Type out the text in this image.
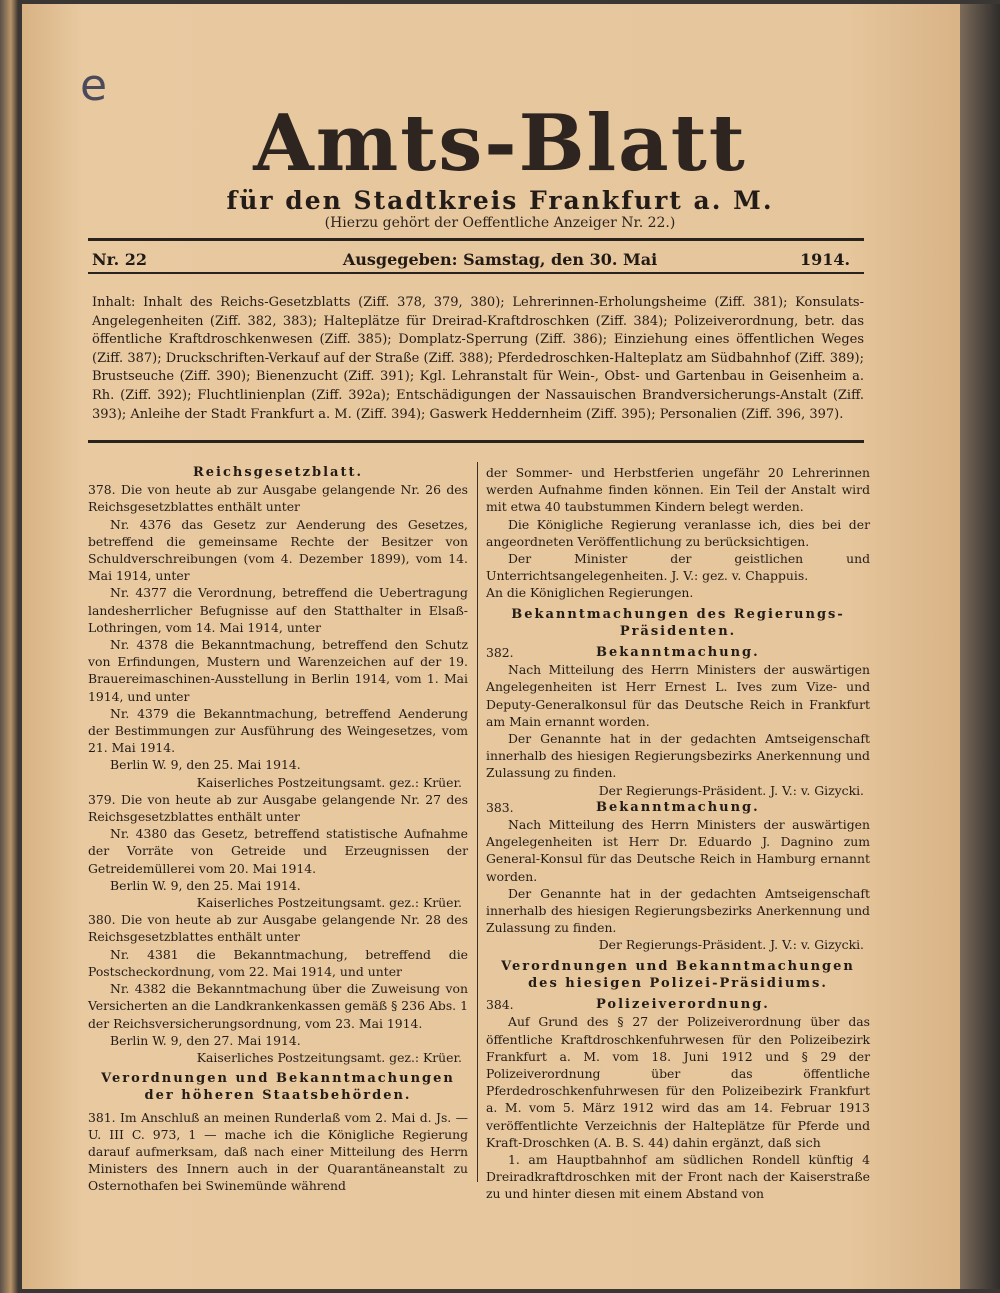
e
Amts-Blatt
für den Stadtkreis Frankfurt a. M.
(Hierzu gehört der Oeffentliche Anzeiger Nr. 22.)
Nr. 22	Ausgegeben: Samstag, den 30. Mai	1914.
Inhalt: Inhalt des Reichs-Gesetzblatts (Ziff. 378, 379, 380); Lehrerinnen-Erholungsheime (Ziff. 381); Konsulats-Angelegenheiten (Ziff. 382, 383); Halteplätze für Dreirad-Kraftdroschken (Ziff. 384); Polizeiverordnung, betr. das öffentliche Kraftdroschkenwesen (Ziff. 385); Domplatz-Sperrung (Ziff. 386); Einziehung eines öffentlichen Weges (Ziff. 387); Druckschriften-Verkauf auf der Straße (Ziff. 388); Pferdedroschken-Halteplatz am Südbahnhof (Ziff. 389); Brustseuche (Ziff. 390); Bienenzucht (Ziff. 391); Kgl. Lehranstalt für Wein-, Obst- und Gartenbau in Geisenheim a. Rh. (Ziff. 392); Fluchtlinienplan (Ziff. 392a); Entschädigungen der Nassauischen Brandversicherungs-Anstalt (Ziff. 393); Anleihe der Stadt Frankfurt a. M. (Ziff. 394); Gaswerk Heddernheim (Ziff. 395); Personalien (Ziff. 396, 397).

Reichsgesetzblatt.

378. Die von heute ab zur Ausgabe gelangende Nr. 26 des Reichsgesetzblattes enthält unter

Nr. 4376 das Gesetz zur Aenderung des Gesetzes, betreffend die gemeinsame Rechte der Besitzer von Schuldverschreibungen (vom 4. Dezember 1899), vom 14. Mai 1914, unter

Nr. 4377 die Verordnung, betreffend die Uebertragung landesherrlicher Befugnisse auf den Statthalter in Elsaß-Lothringen, vom 14. Mai 1914, unter

Nr. 4378 die Bekanntmachung, betreffend den Schutz von Erfindungen, Mustern und Warenzeichen auf der 19. Brauereimaschinen-Ausstellung in Berlin 1914, vom 1. Mai 1914, und unter

Nr. 4379 die Bekanntmachung, betreffend Aenderung der Bestimmungen zur Ausführung des Weingesetzes, vom 21. Mai 1914.

Berlin W. 9, den 25. Mai 1914.

Kaiserliches Postzeitungsamt. gez.: Krüer.

379. Die von heute ab zur Ausgabe gelangende Nr. 27 des Reichsgesetzblattes enthält unter

Nr. 4380 das Gesetz, betreffend statistische Aufnahme der Vorräte von Getreide und Erzeugnissen der Getreidemüllerei vom 20. Mai 1914.

Berlin W. 9, den 25. Mai 1914.

Kaiserliches Postzeitungsamt. gez.: Krüer.

380. Die von heute ab zur Ausgabe gelangende Nr. 28 des Reichsgesetzblattes enthält unter

Nr. 4381 die Bekanntmachung, betreffend die Postscheckordnung, vom 22. Mai 1914, und unter

Nr. 4382 die Bekanntmachung über die Zuweisung von Versicherten an die Landkrankenkassen gemäß § 236 Abs. 1 der Reichsversicherungsordnung, vom 23. Mai 1914.

Berlin W. 9, den 27. Mai 1914.

Kaiserliches Postzeitungsamt. gez.: Krüer.

Verordnungen und Bekanntmachungen der höheren Staatsbehörden.

381. Im Anschluß an meinen Runderlaß vom 2. Mai d. Js. — U. III C. 973, 1 — mache ich die Königliche Regierung darauf aufmerksam, daß nach einer Mitteilung des Herrn Ministers des Innern auch in der Quarantäneanstalt zu Osternothafen bei Swinemünde während

der Sommer- und Herbstferien ungefähr 20 Lehrerinnen werden Aufnahme finden können. Ein Teil der Anstalt wird mit etwa 40 taubstummen Kindern belegt werden.

Die Königliche Regierung veranlasse ich, dies bei der angeordneten Veröffentlichung zu berücksichtigen.

Der Minister der geistlichen und Unterrichtsangelegenheiten. J. V.: gez. v. Chappuis.

An die Königlichen Regierungen.

Bekanntmachungen des Regierungs-Präsidenten.

382.	Bekanntmachung.

Nach Mitteilung des Herrn Ministers der auswärtigen Angelegenheiten ist Herr Ernest L. Ives zum Vize- und Deputy-Generalkonsul für das Deutsche Reich in Frankfurt am Main ernannt worden.

Der Genannte hat in der gedachten Amtseigenschaft innerhalb des hiesigen Regierungsbezirks Anerkennung und Zulassung zu finden.

Der Regierungs-Präsident. J. V.: v. Gizycki.

383.	Bekanntmachung.

Nach Mitteilung des Herrn Ministers der auswärtigen Angelegenheiten ist Herr Dr. Eduardo J. Dagnino zum General-Konsul für das Deutsche Reich in Hamburg ernannt worden.

Der Genannte hat in der gedachten Amtseigenschaft innerhalb des hiesigen Regierungsbezirks Anerkennung und Zulassung zu finden.

Der Regierungs-Präsident. J. V.: v. Gizycki.

Verordnungen und Bekanntmachungen des hiesigen Polizei-Präsidiums.

384.	Polizeiverordnung.

Auf Grund des § 27 der Polizeiverordnung über das öffentliche Kraftdroschkenfuhrwesen für den Polizeibezirk Frankfurt a. M. vom 18. Juni 1912 und § 29 der Polizeiverordnung über das öffentliche Pferdedroschkenfuhrwesen für den Polizeibezirk Frankfurt a. M. vom 5. März 1912 wird das am 14. Februar 1913 veröffentlichte Verzeichnis der Halteplätze für Pferde und Kraft-Droschken (A. B. S. 44) dahin ergänzt, daß sich

1. am Hauptbahnhof am südlichen Rondell künftig 4 Dreiradkraftdroschken mit der Front nach der Kaiserstraße zu und hinter diesen mit einem Abstand von
